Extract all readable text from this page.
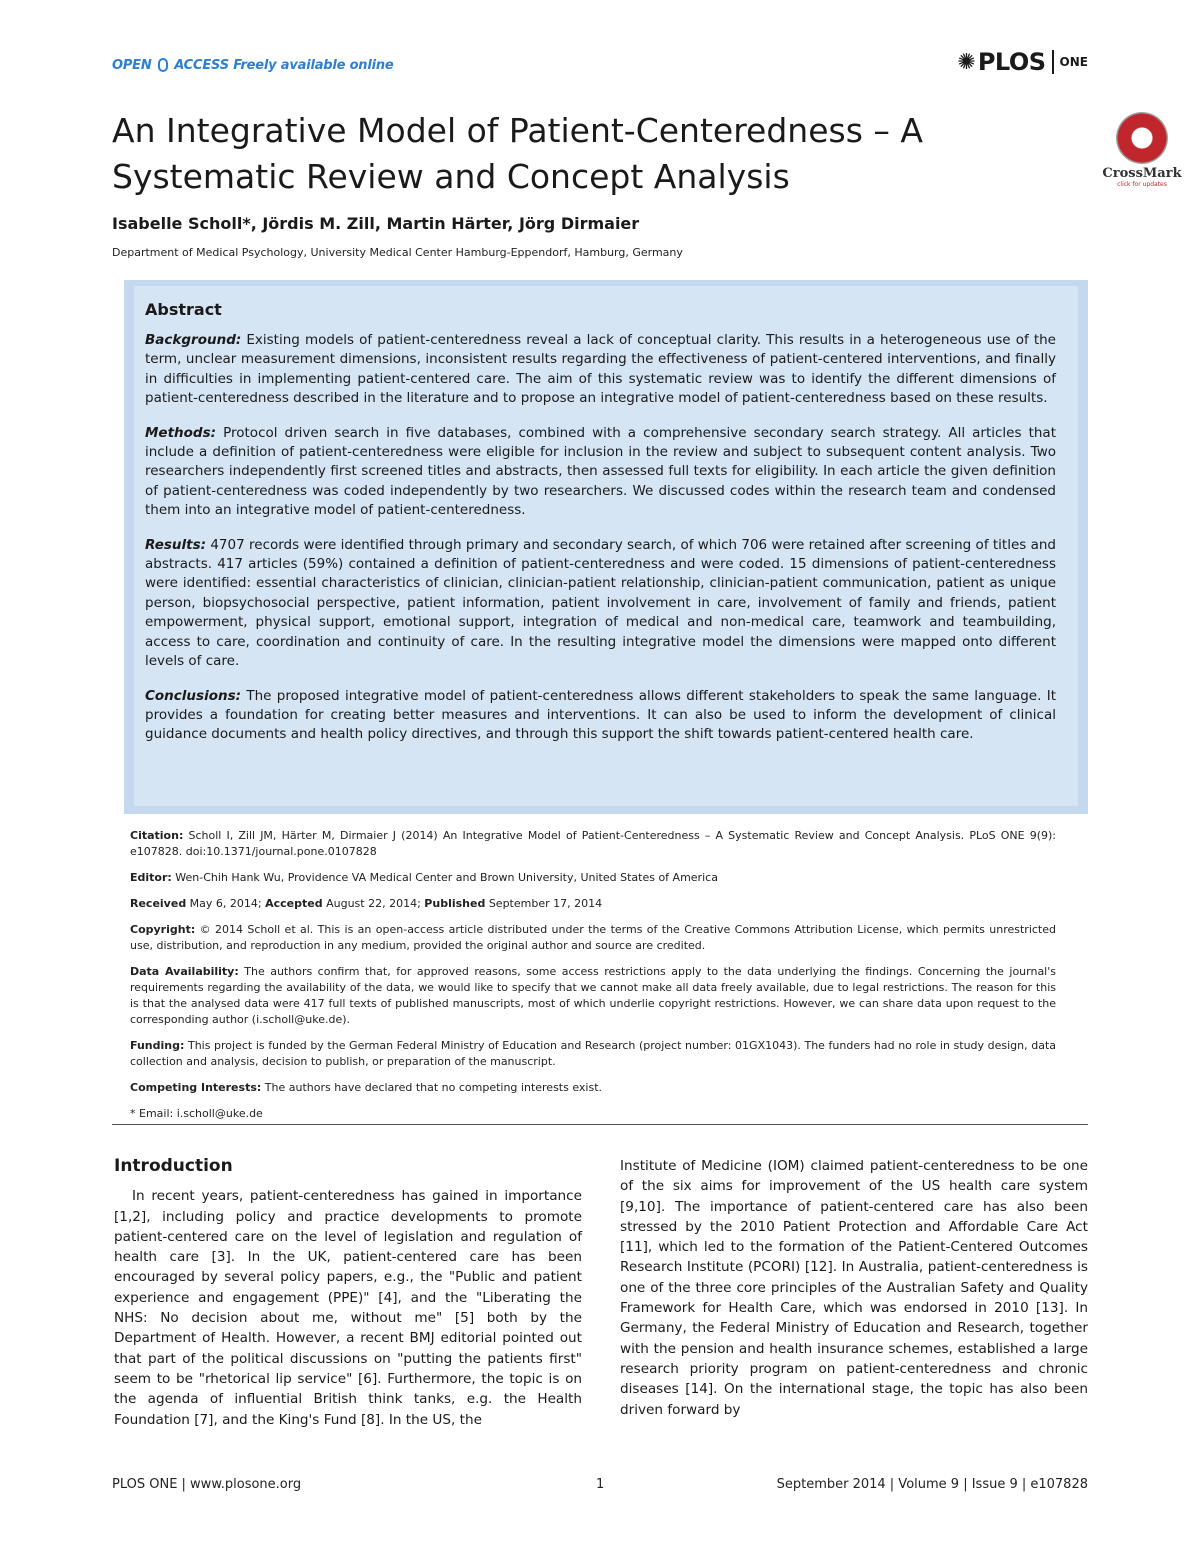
OPEN ACCESS Freely available online	✺ PLOS ONE
An Integrative Model of Patient-Centeredness – A Systematic Review and Concept Analysis	CrossMark
click for updates

Isabelle Scholl*, Jördis M. Zill, Martin Härter, Jörg Dirmaier

Department of Medical Psychology, University Medical Center Hamburg-Eppendorf, Hamburg, Germany

Abstract

Background: Existing models of patient-centeredness reveal a lack of conceptual clarity. This results in a heterogeneous use of the term, unclear measurement dimensions, inconsistent results regarding the effectiveness of patient-centered interventions, and finally in difficulties in implementing patient-centered care. The aim of this systematic review was to identify the different dimensions of patient-centeredness described in the literature and to propose an integrative model of patient-centeredness based on these results.

Methods: Protocol driven search in five databases, combined with a comprehensive secondary search strategy. All articles that include a definition of patient-centeredness were eligible for inclusion in the review and subject to subsequent content analysis. Two researchers independently first screened titles and abstracts, then assessed full texts for eligibility. In each article the given definition of patient-centeredness was coded independently by two researchers. We discussed codes within the research team and condensed them into an integrative model of patient-centeredness.

Results: 4707 records were identified through primary and secondary search, of which 706 were retained after screening of titles and abstracts. 417 articles (59%) contained a definition of patient-centeredness and were coded. 15 dimensions of patient-centeredness were identified: essential characteristics of clinician, clinician-patient relationship, clinician-patient communication, patient as unique person, biopsychosocial perspective, patient information, patient involvement in care, involvement of family and friends, patient empowerment, physical support, emotional support, integration of medical and non-medical care, teamwork and teambuilding, access to care, coordination and continuity of care. In the resulting integrative model the dimensions were mapped onto different levels of care.

Conclusions: The proposed integrative model of patient-centeredness allows different stakeholders to speak the same language. It provides a foundation for creating better measures and interventions. It can also be used to inform the development of clinical guidance documents and health policy directives, and through this support the shift towards patient-centered health care.

Citation: Scholl I, Zill JM, Härter M, Dirmaier J (2014) An Integrative Model of Patient-Centeredness – A Systematic Review and Concept Analysis. PLoS ONE 9(9): e107828. doi:10.1371/journal.pone.0107828

Editor: Wen-Chih Hank Wu, Providence VA Medical Center and Brown University, United States of America

Received May 6, 2014; Accepted August 22, 2014; Published September 17, 2014

Copyright: © 2014 Scholl et al. This is an open-access article distributed under the terms of the Creative Commons Attribution License, which permits unrestricted use, distribution, and reproduction in any medium, provided the original author and source are credited.

Data Availability: The authors confirm that, for approved reasons, some access restrictions apply to the data underlying the findings. Concerning the journal's requirements regarding the availability of the data, we would like to specify that we cannot make all data freely available, due to legal restrictions. The reason for this is that the analysed data were 417 full texts of published manuscripts, most of which underlie copyright restrictions. However, we can share data upon request to the corresponding author (i.scholl@uke.de).

Funding: This project is funded by the German Federal Ministry of Education and Research (project number: 01GX1043). The funders had no role in study design, data collection and analysis, decision to publish, or preparation of the manuscript.

Competing Interests: The authors have declared that no competing interests exist.

* Email: i.scholl@uke.de

Introduction

In recent years, patient-centeredness has gained in importance [1,2], including policy and practice developments to promote patient-centered care on the level of legislation and regulation of health care [3]. In the UK, patient-centered care has been encouraged by several policy papers, e.g., the "Public and patient experience and engagement (PPE)" [4], and the "Liberating the NHS: No decision about me, without me" [5] both by the Department of Health. However, a recent BMJ editorial pointed out that part of the political discussions on "putting the patients first" seem to be "rhetorical lip service" [6]. Furthermore, the topic is on the agenda of influential British think tanks, e.g. the Health Foundation [7], and the King's Fund [8]. In the US, the

Institute of Medicine (IOM) claimed patient-centeredness to be one of the six aims for improvement of the US health care system [9,10]. The importance of patient-centered care has also been stressed by the 2010 Patient Protection and Affordable Care Act [11], which led to the formation of the Patient-Centered Outcomes Research Institute (PCORI) [12]. In Australia, patient-centeredness is one of the three core principles of the Australian Safety and Quality Framework for Health Care, which was endorsed in 2010 [13]. In Germany, the Federal Ministry of Education and Research, together with the pension and health insurance schemes, established a large research priority program on patient-centeredness and chronic diseases [14]. On the international stage, the topic has also been driven forward by

PLOS ONE | www.plosone.org	1	September 2014 | Volume 9 | Issue 9 | e107828
